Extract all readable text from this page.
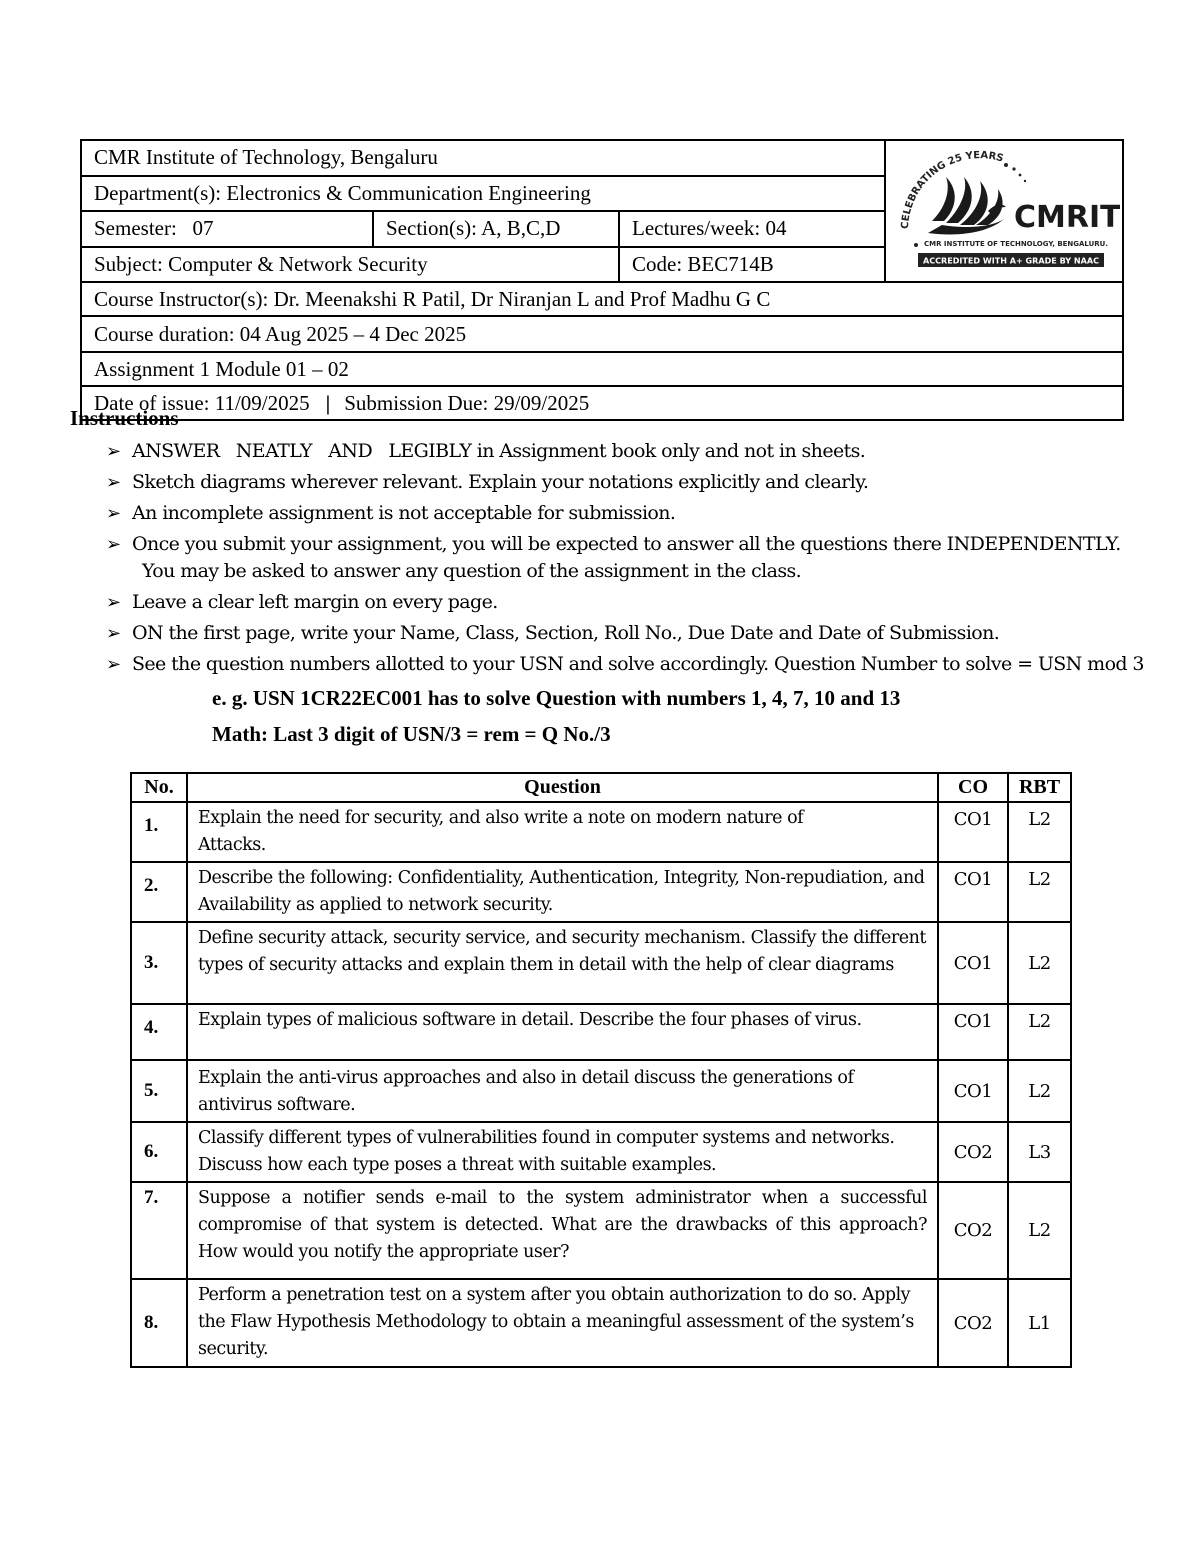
CMR Institute of Technology, Bengaluru			CELEBRATING 25 YEARS
CMRIT
CMR INSTITUTE OF TECHNOLOGY, BENGALURU.
ACCREDITED WITH A+ GRADE BY NAAC

Department(s): Electronics & Communication Engineering			
Semester:   07	Section(s): A, B,C,D	Lectures/week: 04	
Subject: Computer & Network Security		Code: BEC714B	
Course Instructor(s): Dr. Meenakshi R Patil, Dr Niranjan L and Prof Madhu G C			
Course duration: 04 Aug 2025 – 4 Dec 2025			
Assignment 1 Module 01 – 02			
Date of issue: 11/09/2025 | Submission Due: 29/09/2025			
Instructions
➢ ANSWER   NEATLY   AND   LEGIBLY in Assignment book only and not in sheets.
➢ Sketch diagrams wherever relevant. Explain your notations explicitly and clearly.
➢ An incomplete assignment is not acceptable for submission.
➢ Once you submit your assignment, you will be expected to answer all the questions there INDEPENDENTLY.
You may be asked to answer any question of the assignment in the class.
➢ Leave a clear left margin on every page.
➢ ON the first page, write your Name, Class, Section, Roll No., Due Date and Date of Submission.
➢ See the question numbers allotted to your USN and solve accordingly. Question Number to solve = USN mod 3
e. g. USN 1CR22EC001 has to solve Question with numbers 1, 4, 7, 10 and 13
Math: Last 3 digit of USN/3 = rem = Q No./3
No.	Question	CO	RBT
1.	Explain the need for security, and also write a note on modern nature of Attacks.	CO1	L2
2.	Describe the following: Confidentiality, Authentication, Integrity, Non-repudiation, and Availability as applied to network security.	CO1	L2
3.	Define security attack, security service, and security mechanism. Classify the different types of security attacks and explain them in detail with the help of clear diagrams	CO1	L2
4.	Explain types of malicious software in detail. Describe the four phases of virus.	CO1	L2
5.	Explain the anti-virus approaches and also in detail discuss the generations of antivirus software.	CO1	L2
6.	Classify different types of vulnerabilities found in computer systems and networks. Discuss how each type poses a threat with suitable examples.	CO2	L3
7.	Suppose a notifier sends e-mail to the system administrator when a successful compromise of that system is detected. What are the drawbacks of this approach? How would you notify the appropriate user?	CO2	L2
8.	Perform a penetration test on a system after you obtain authorization to do so. Apply the Flaw Hypothesis Methodology to obtain a meaningful assessment of the system’s security.	CO2	L1
